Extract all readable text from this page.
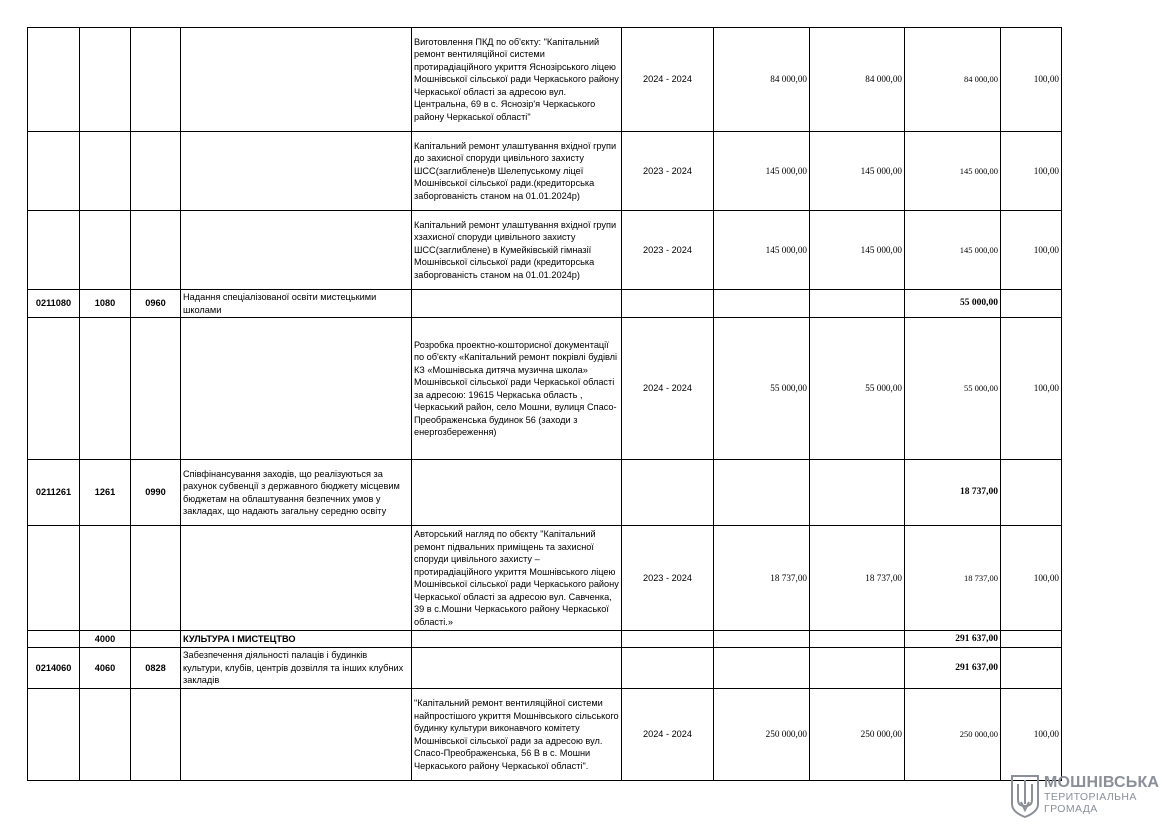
				Виготовлення ПКД по об'єкту: "Капітальний ремонт вентиляційної системи протирадіаційного укриття Яснозірського ліцею Мошнівської сільської ради Черкаського району Черкаської області за адресою вул. Центральна, 69 в с. Яснозір'я Черкаського району Черкаської області"	2024 - 2024	84 000,00	84 000,00	84 000,00	100,00
				Капітальний ремонт улаштування вхідної групи до захисної споруди цивільного захисту ШСС(заглиблене)в Шелепуському ліцеї Мошнівської сільської ради.(кредиторська заборгованість станом на 01.01.2024р)	2023 - 2024	145 000,00	145 000,00	145 000,00	100,00
				Капітальний ремонт улаштування вхідної групи хзахисної споруди цивільного захисту ШСС(заглиблене) в Кумейківській гімназії Мошнівської сільської ради (кредиторська заборгованість станом на 01.01.2024р)	2023 - 2024	145 000,00	145 000,00	145 000,00	100,00
0211080	1080	0960	Надання спеціалізованої освіти мистецькими школами					55 000,00	
				Розробка проектно-кошторисної документації по об'єкту «Капітальний ремонт покрівлі будівлі КЗ «Мошнівська дитяча музична школа» Мошнівської сільської ради Черкаської області за адресою: 19615 Черкаська область , Черкаський район, село Мошни, вулиця Спасо-Преображенська будинок 56 (заходи з енергозбереження)	2024 - 2024	55 000,00	55 000,00	55 000,00	100,00
0211261	1261	0990	Співфінансування заходів, що реалізуються за рахунок субвенції з державного бюджету місцевим бюджетам на облаштування безпечних умов у закладах, що надають загальну середню освіту					18 737,00	
				Авторський нагляд по обєкту "Капітальний ремонт підвальних приміщень та захисної споруди цивільного захисту – протирадіаційного укриття Мошнівського ліцею Мошнівської сільської ради Черкаського району Черкаської області за адресою вул. Савченка, 39 в с.Мошни Черкаського району Черкаської області.»	2023 - 2024	18 737,00	18 737,00	18 737,00	100,00
	4000		КУЛЬТУРА І МИСТЕЦТВО					291 637,00	
0214060	4060	0828	Забезпечення діяльності палаців і будинків культури, клубів, центрів дозвілля та інших клубних закладів					291 637,00	
				"Капітальний ремонт вентиляційної системи найпростішого укриття Мошнівського сільського будинку культури виконавчого комітету Мошнівської сільської ради за адресою вул. Спасо-Преображенська, 56 В в с. Мошни Черкаського району Черкаської області".	2024 - 2024	250 000,00	250 000,00	250 000,00	100,00
МОШНІВСЬКА
ТЕРИТОРІАЛЬНА
ГРОМАДА
